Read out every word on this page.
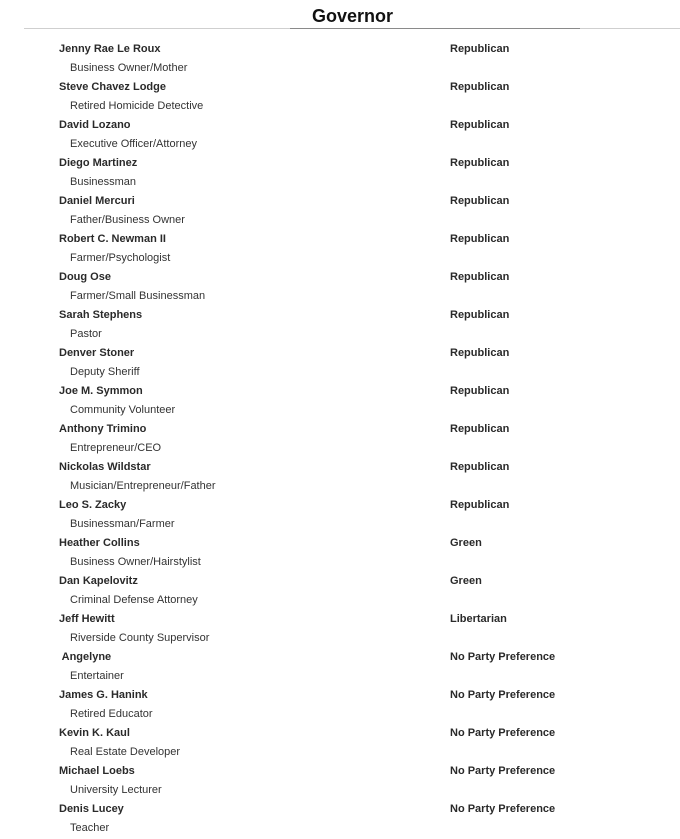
Governor
Jenny Rae Le Roux	Republican
Business Owner/Mother
Steve Chavez Lodge	Republican
Retired Homicide Detective
David Lozano	Republican
Executive Officer/Attorney
Diego Martinez	Republican
Businessman
Daniel Mercuri	Republican
Father/Business Owner
Robert C. Newman II	Republican
Farmer/Psychologist
Doug Ose	Republican
Farmer/Small Businessman
Sarah Stephens	Republican
Pastor
Denver Stoner	Republican
Deputy Sheriff
Joe M. Symmon	Republican
Community Volunteer
Anthony Trimino	Republican
Entrepreneur/CEO
Nickolas Wildstar	Republican
Musician/Entrepreneur/Father
Leo S. Zacky	Republican
Businessman/Farmer
Heather Collins	Green
Business Owner/Hairstylist
Dan Kapelovitz	Green
Criminal Defense Attorney
Jeff Hewitt	Libertarian
Riverside County Supervisor
Angelyne	No Party Preference
Entertainer
James G. Hanink	No Party Preference
Retired Educator
Kevin K. Kaul	No Party Preference
Real Estate Developer
Michael Loebs	No Party Preference
University Lecturer
Denis Lucey	No Party Preference
Teacher
